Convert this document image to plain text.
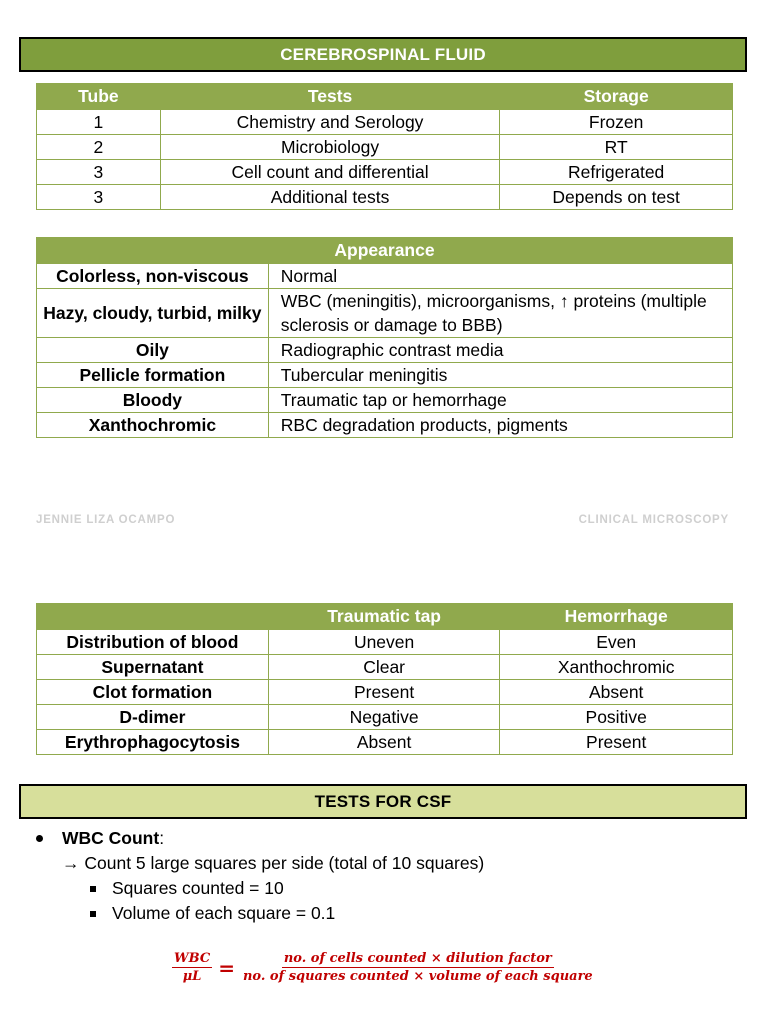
CEREBROSPINAL FLUID
Tube	Tests	Storage
1	Chemistry and Serology	Frozen
2	Microbiology	RT
3	Cell count and differential	Refrigerated
3	Additional tests	Depends on test
Appearance	
Colorless, non-viscous	Normal
Hazy, cloudy, turbid, milky	WBC (meningitis), microorganisms, ↑ proteins (multiple sclerosis or damage to BBB)
Oily	Radiographic contrast media
Pellicle formation	Tubercular meningitis
Bloody	Traumatic tap or hemorrhage
Xanthochromic	RBC degradation products, pigments
JENNIE LIZA OCAMPO	CLINICAL MICROSCOPY
	Traumatic tap	Hemorrhage
Distribution of blood	Uneven	Even
Supernatant	Clear	Xanthochromic
Clot formation	Present	Absent
D-dimer	Negative	Positive
Erythrophagocytosis	Absent	Present
TESTS FOR CSF
WBC Count :
→ Count 5 large squares per side (total of 10 squares)
Squares counted = 10
Volume of each square = 0.1
$\frac{\text{WBC}}{\mu L} = \frac{\text{no. of cells counted × dilution factor}}{\text{no. of squares counted × volume of each square}}$
